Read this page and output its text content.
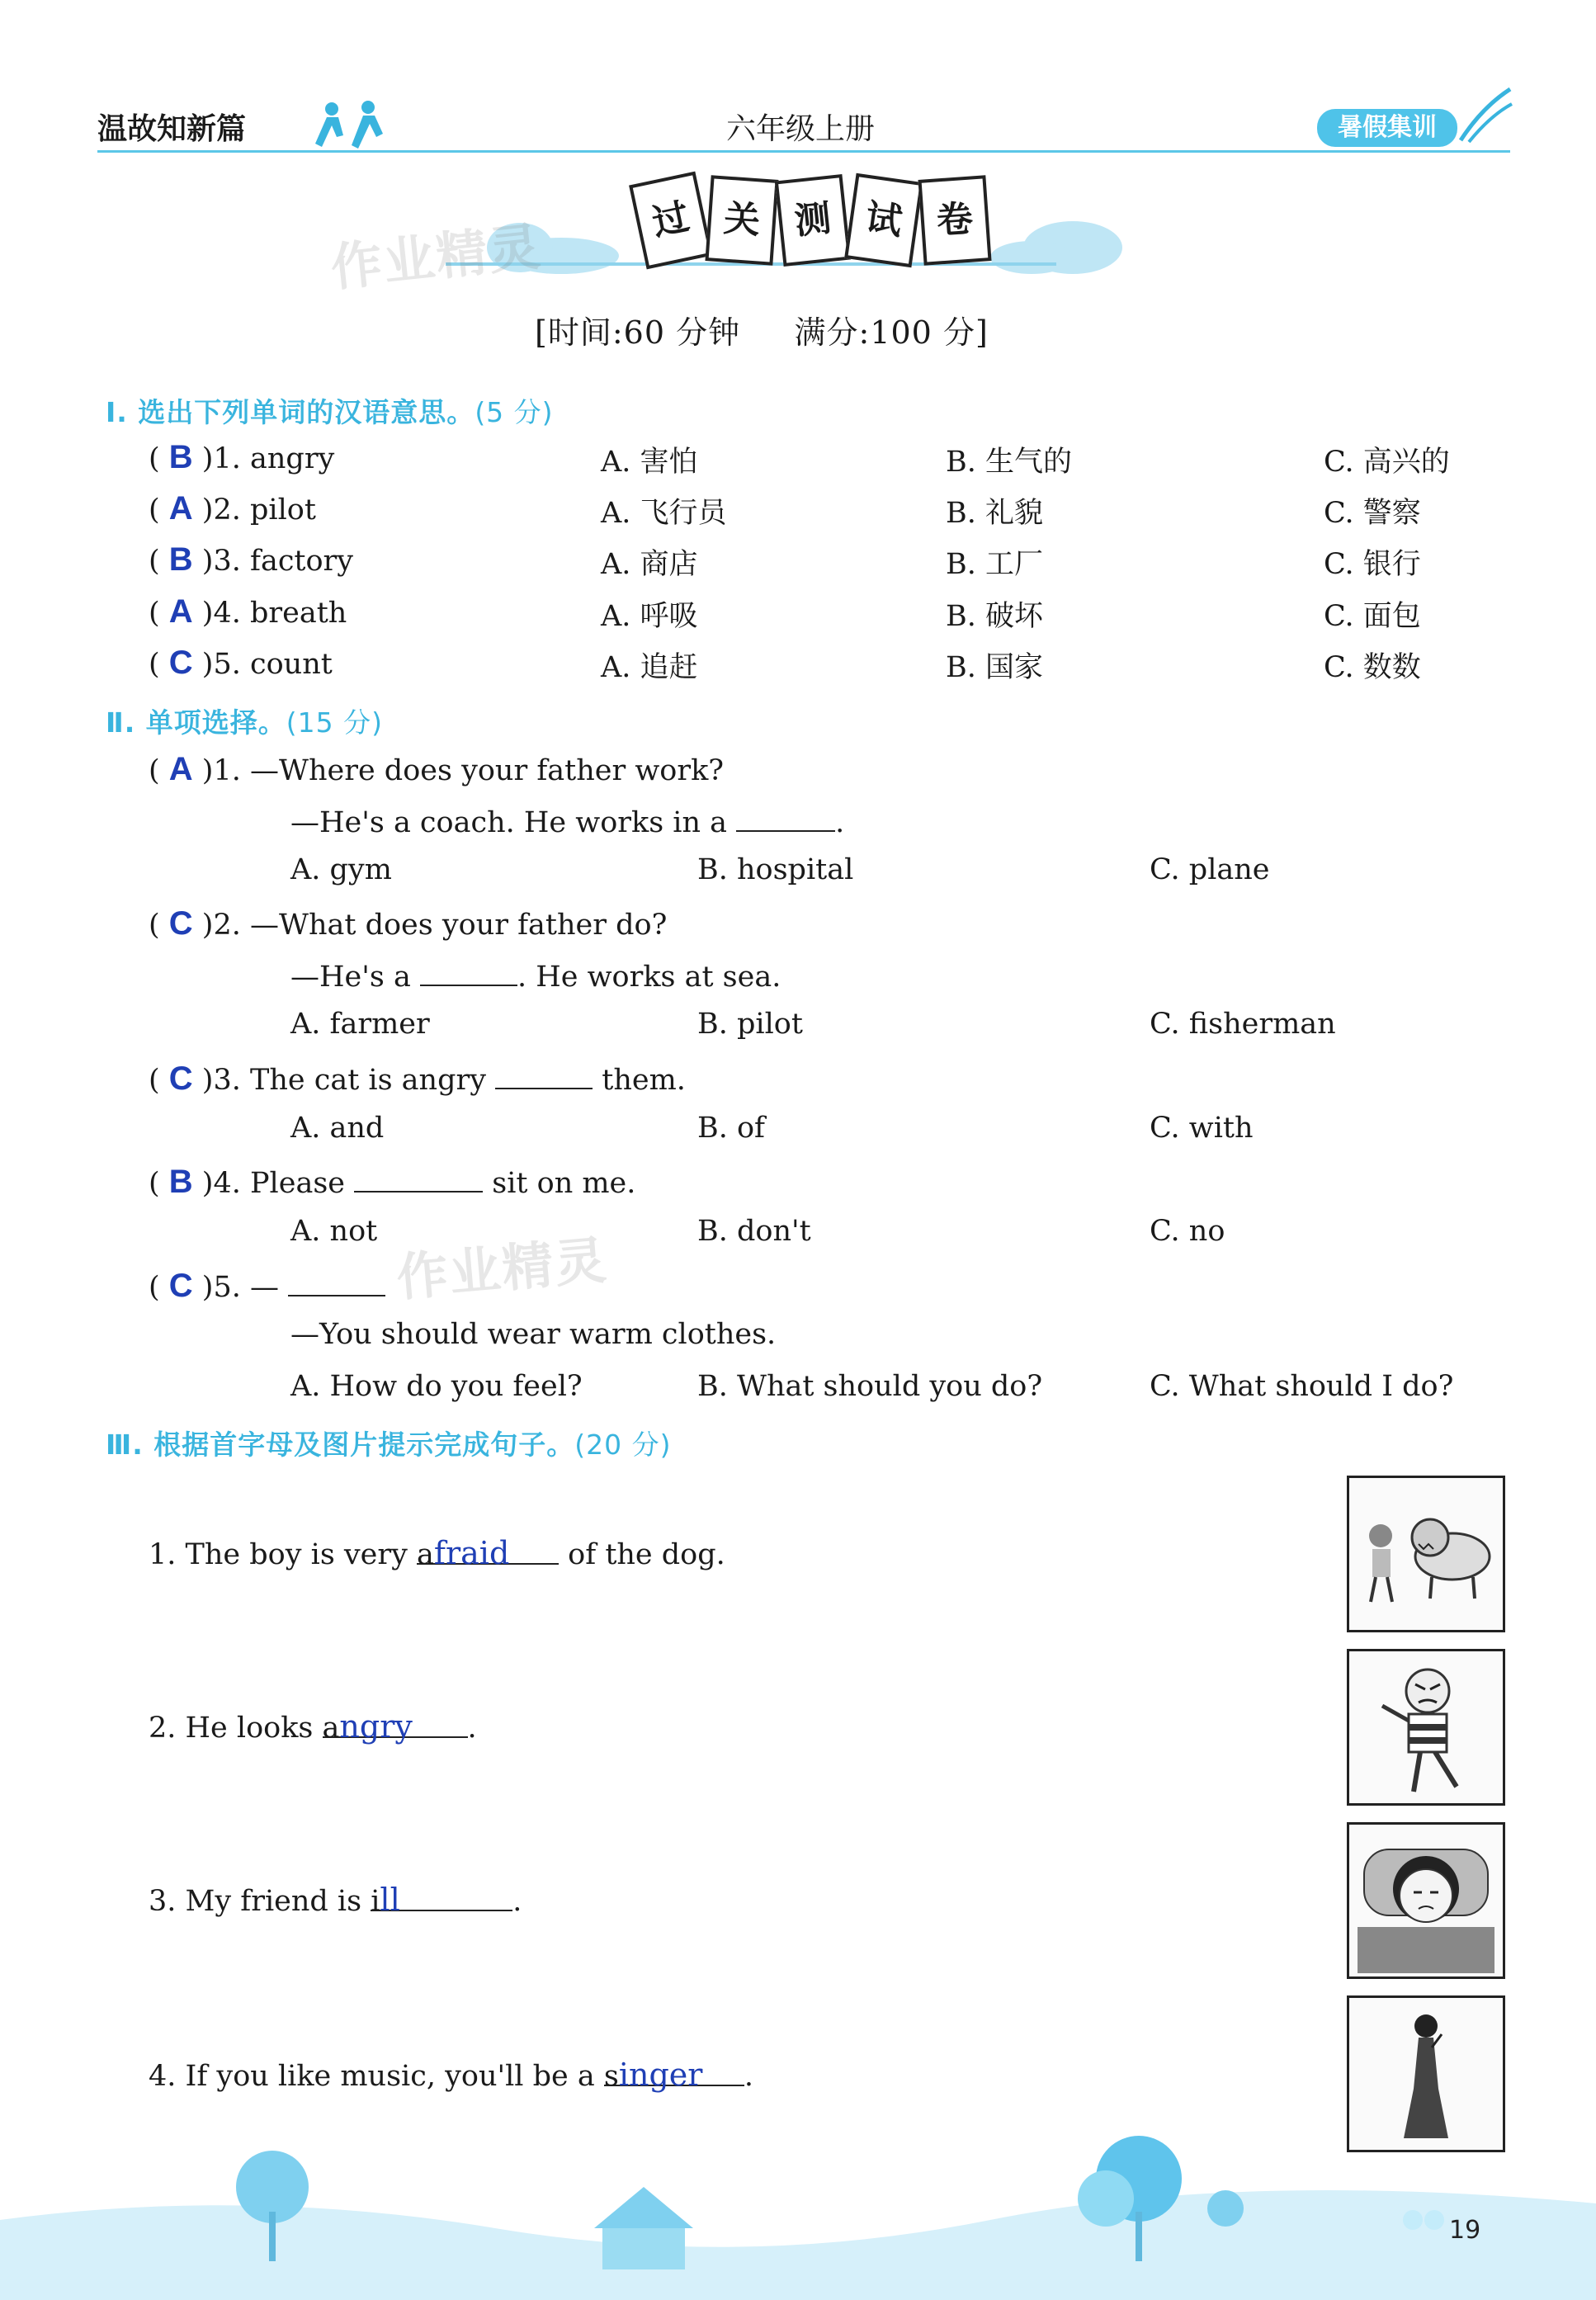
温故知新篇	六年级上册	暑假集训
过 关 测 试 卷
作业精灵
[时间:60 分钟 满分:100 分]
Ⅰ. 选出下列单词的汉语意思。(5 分)
( B )1. angry	A. 害怕	B. 生气的	C. 高兴的
( A )2. pilot	A. 飞行员	B. 礼貌	C. 警察
( B )3. factory	A. 商店	B. 工厂	C. 银行
( A )4. breath	A. 呼吸	B. 破坏	C. 面包
( C )5. count	A. 追赶	B. 国家	C. 数数
Ⅱ. 单项选择。(15 分)
( A )1. —Where does your father work?
—He's a coach. He works in a	.
A. gym	B. hospital	C. plane
( C )2. —What does your father do?
—He's a	. He works at sea.
A. farmer	B. pilot	C. fisherman
( C )3. The cat is angry	them.
A. and	B. of	C. with
( B )4. Please	sit on me.
A. not	B. don't	C. no
作业精灵
( C )5. —
—You should wear warm clothes.
A. How do you feel?	B. What should you do?	C. What should I do?
Ⅲ. 根据首字母及图片提示完成句子。(20 分)
1. The boy is very afraid of the dog.
2. He looks angry .
3. My friend is ill	.
4. If you like music, you'll be a singer .
19
